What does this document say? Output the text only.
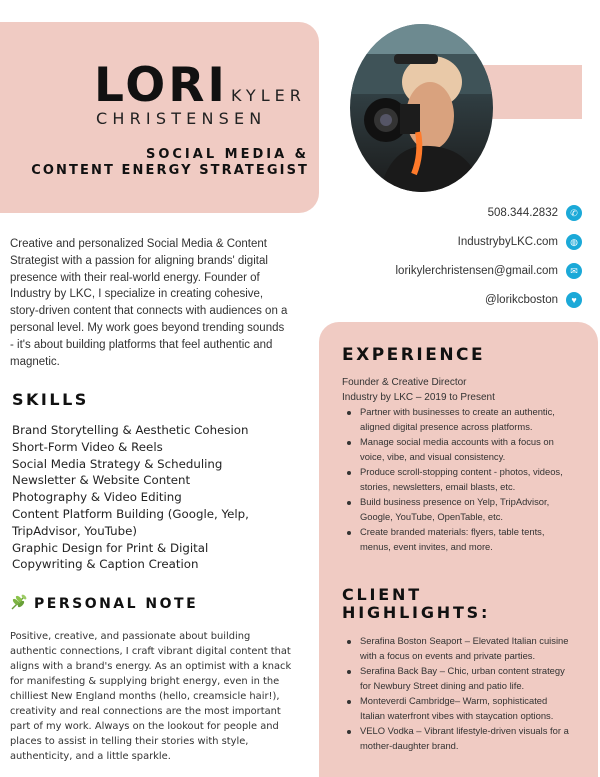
LORI KYLER
CHRISTENSEN
SOCIAL MEDIA &
CONTENT ENERGY STRATEGIST
508.344.2832	✆
IndustrybyLKC.com	◍
lorikylerchristensen@gmail.com	✉
@lorikcboston	♥

Creative and personalized Social Media & Content Strategist with a passion for aligning brands' digital presence with their real-world energy. Founder of Industry by LKC, I specialize in creating cohesive, story-driven content that connects with audiences on a personal level. My work goes beyond trending sounds - it's about building platforms that feel authentic and magnetic.

SKILLS
Brand Storytelling & Aesthetic Cohesion
Short-Form Video & Reels
Social Media Strategy & Scheduling
Newsletter & Website Content
Photography & Video Editing
Content Platform Building (Google, Yelp, TripAdvisor, YouTube)
Graphic Design for Print & Digital
Copywriting & Caption Creation
PERSONAL NOTE

Positive, creative, and passionate about building authentic connections, I craft vibrant digital content that aligns with a brand's energy. As an optimist with a knack for manifesting & supplying bright energy, even in the chilliest New England months (hello, creamsicle hair!), creativity and real connections are the most important part of my work. Always on the lookout for people and places to assist in telling their stories with style, authenticity, and a little sparkle.

EXPERIENCE
Founder & Creative Director
Industry by LKC – 2019 to Present
Partner with businesses to create an authentic, aligned digital presence across platforms.
Manage social media accounts with a focus on voice, vibe, and visual consistency.
Produce scroll-stopping content - photos, videos, stories, newsletters, email blasts, etc.
Build business presence on Yelp, TripAdvisor, Google, YouTube, OpenTable, etc.
Create branded materials: flyers, table tents, menus, event invites, and more.
CLIENT
HIGHLIGHTS:
Serafina Boston Seaport – Elevated Italian cuisine with a focus on events and private parties.
Serafina Back Bay – Chic, urban content strategy for Newbury Street dining and patio life.
Monteverdi Cambridge– Warm, sophisticated Italian waterfront vibes with staycation options.
VELO Vodka – Vibrant lifestyle-driven visuals for a mother-daughter brand.
